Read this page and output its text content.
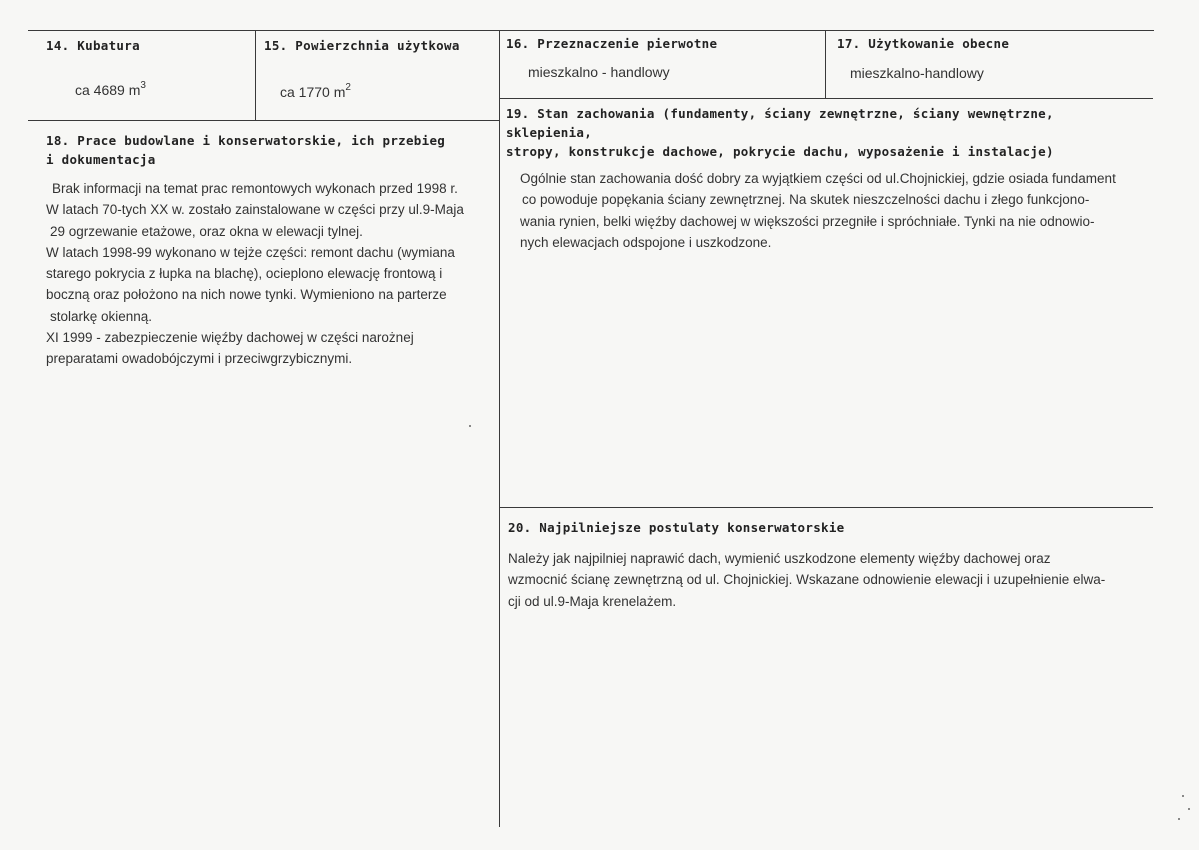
14. Kubatura
ca 4689 $m^3$
15. Powierzchnia użytkowa
ca 1770 $m^2$
16. Przeznaczenie pierwotne
mieszkalno - handlowy
17. Użytkowanie obecne
mieszkalno-handlowy
18. Prace budowlane i konserwatorskie, ich przebieg
i dokumentacja
Brak informacji na temat prac remontowych wykonach przed 1998 r.
W latach 70-tych XX w. zostało zainstalowane w części przy ul.9-Maja
29 ogrzewanie etażowe, oraz okna w elewacji tylnej.
W latach 1998-99 wykonano w tejże części: remont dachu (wymiana
starego pokrycia z łupka na blachę), ocieplono elewację frontową i
boczną oraz położono na nich nowe tynki. Wymieniono na parterze
stolarkę okienną.
XI 1999 - zabezpieczenie więźby dachowej w części narożnej
preparatami owadobójczymi i przeciwgrzybicznymi.
19. Stan zachowania (fundamenty, ściany zewnętrzne, ściany wewnętrzne, sklepienia,
stropy, konstrukcje dachowe, pokrycie dachu, wyposażenie i instalacje)
Ogólnie stan zachowania dość dobry za wyjątkiem części od ul.Chojnickiej, gdzie osiada fundament
co powoduje popękania ściany zewnętrznej. Na skutek nieszczelności dachu i złego funkcjono-
wania rynien, belki więźby dachowej w większości przegniłe i spróchniałe. Tynki na nie odnowio-
nych elewacjach odspojone i uszkodzone.
20. Najpilniejsze postulaty konserwatorskie
Należy jak najpilniej naprawić dach, wymienić uszkodzone elementy więźby dachowej oraz
wzmocnić ścianę zewnętrzną od ul. Chojnickiej. Wskazane odnowienie elewacji i uzupełnienie elwa-
cji od ul.9-Maja krenelażem.
